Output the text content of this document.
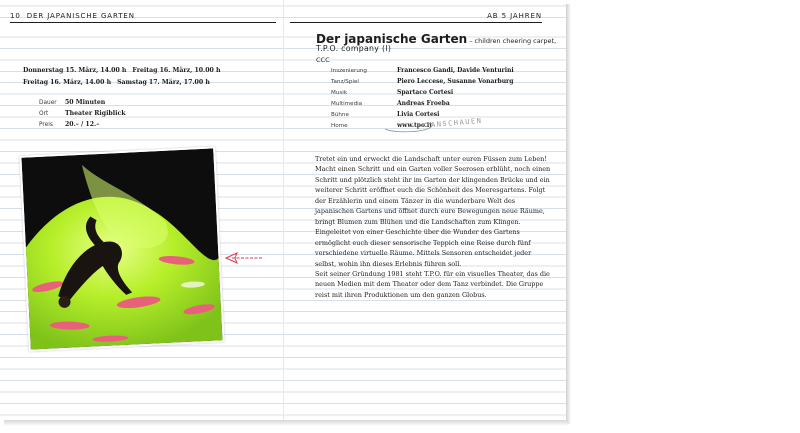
10 DER JAPANISCHE GARTEN	AB 5 JAHREN
Donnerstag 15. März, 14.00 h Freitag 16. März, 10.00 h
Freitag 16. März, 14.00 h Samstag 17. März, 17.00 h
Dauer 50 Minuten
Ort	Theater Rigiblick
Preis 20.– / 12.–
Der japanische Garten – children cheering carpet, CCC
T.P.O. company (I)
Inszenierung	Francesco Gandi, Davide Venturini
Tanz/Spiel	Piero Leccese, Susanne Vonarburg
Musik	Spartaco Cortesi
Multimedia	Andreas Froeba
Bühne	Livia Cortesi
Home	www.tpo.it
ANSCHAUEN

Tretet ein und erweckt die Landschaft unter euren Füssen zum Leben! Macht einen Schritt und ein Garten voller Seerosen erblüht, noch einen Schritt und plötzlich steht ihr im Garten der klingenden Brücke und ein weiterer Schritt eröffnet euch die Schönheit des Meeresgartens. Folgt der Erzählerin und einem Tänzer in die wunderbare Welt des japanischen Gartens und öffnet durch eure Bewegungen neue Räume, bringt Blumen zum Blühen und die Landschaften zum Klingen. Eingeleitet von einer Geschichte über die Wunder des Gartens ermöglicht euch dieser sensorische Teppich eine Reise durch fünf verschiedene virtuelle Räume. Mittels Sensoren entscheidet jeder selbst, wohin ihn dieses Erlebnis führen soll.

Seit seiner Gründung 1981 steht T.P.O. für ein visuelles Theater, das die neuen Medien mit dem Theater oder dem Tanz verbindet. Die Gruppe reist mit ihren Produktionen um den ganzen Globus.
